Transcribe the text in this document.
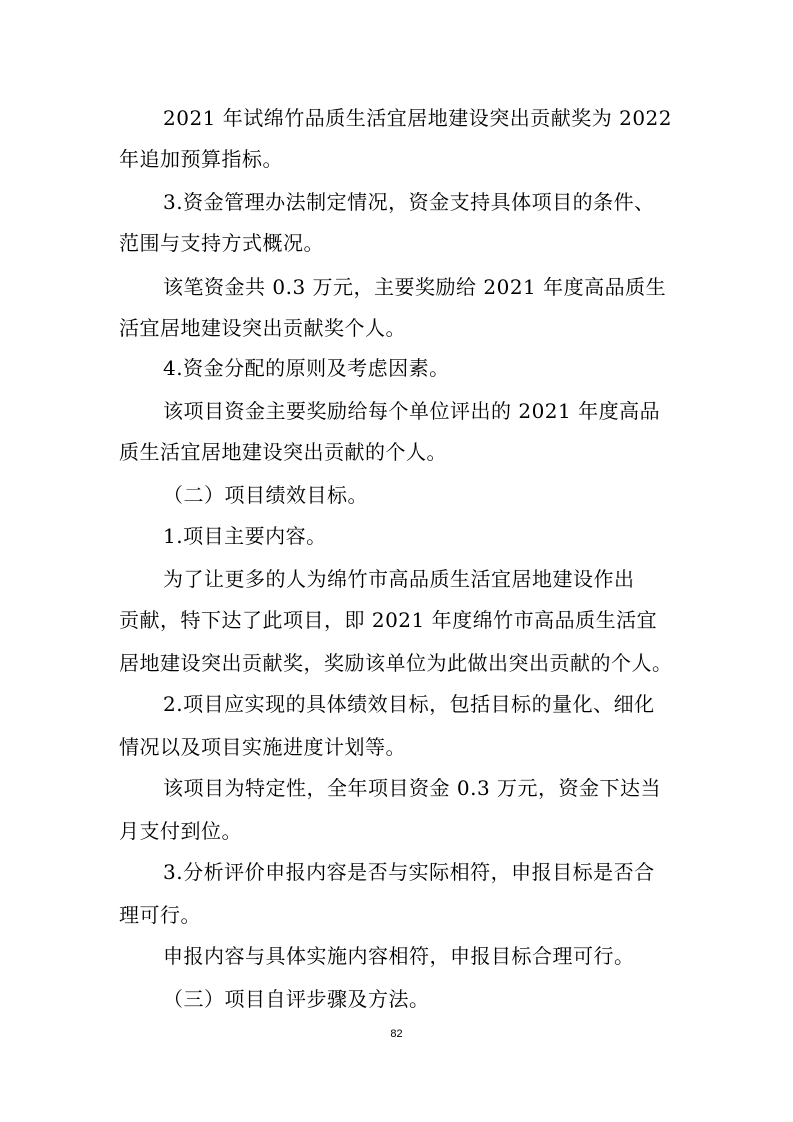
2021 年试绵竹品质生活宜居地建设突出贡献奖为 2022
年追加预算指标。
3.资金管理办法制定情况，资金支持具体项目的条件、
范围与支持方式概况。
该笔资金共 0.3 万元，主要奖励给 2021 年度高品质生
活宜居地建设突出贡献奖个人。
4.资金分配的原则及考虑因素。
该项目资金主要奖励给每个单位评出的 2021 年度高品
质生活宜居地建设突出贡献的个人。
（二）项目绩效目标。
1.项目主要内容。
为了让更多的人为绵竹市高品质生活宜居地建设作出
贡献，特下达了此项目，即 2021 年度绵竹市高品质生活宜
居地建设突出贡献奖，奖励该单位为此做出突出贡献的个人。
2.项目应实现的具体绩效目标，包括目标的量化、细化
情况以及项目实施进度计划等。
该项目为特定性，全年项目资金 0.3 万元，资金下达当
月支付到位。
3.分析评价申报内容是否与实际相符，申报目标是否合
理可行。
申报内容与具体实施内容相符，申报目标合理可行。
（三）项目自评步骤及方法。
82
